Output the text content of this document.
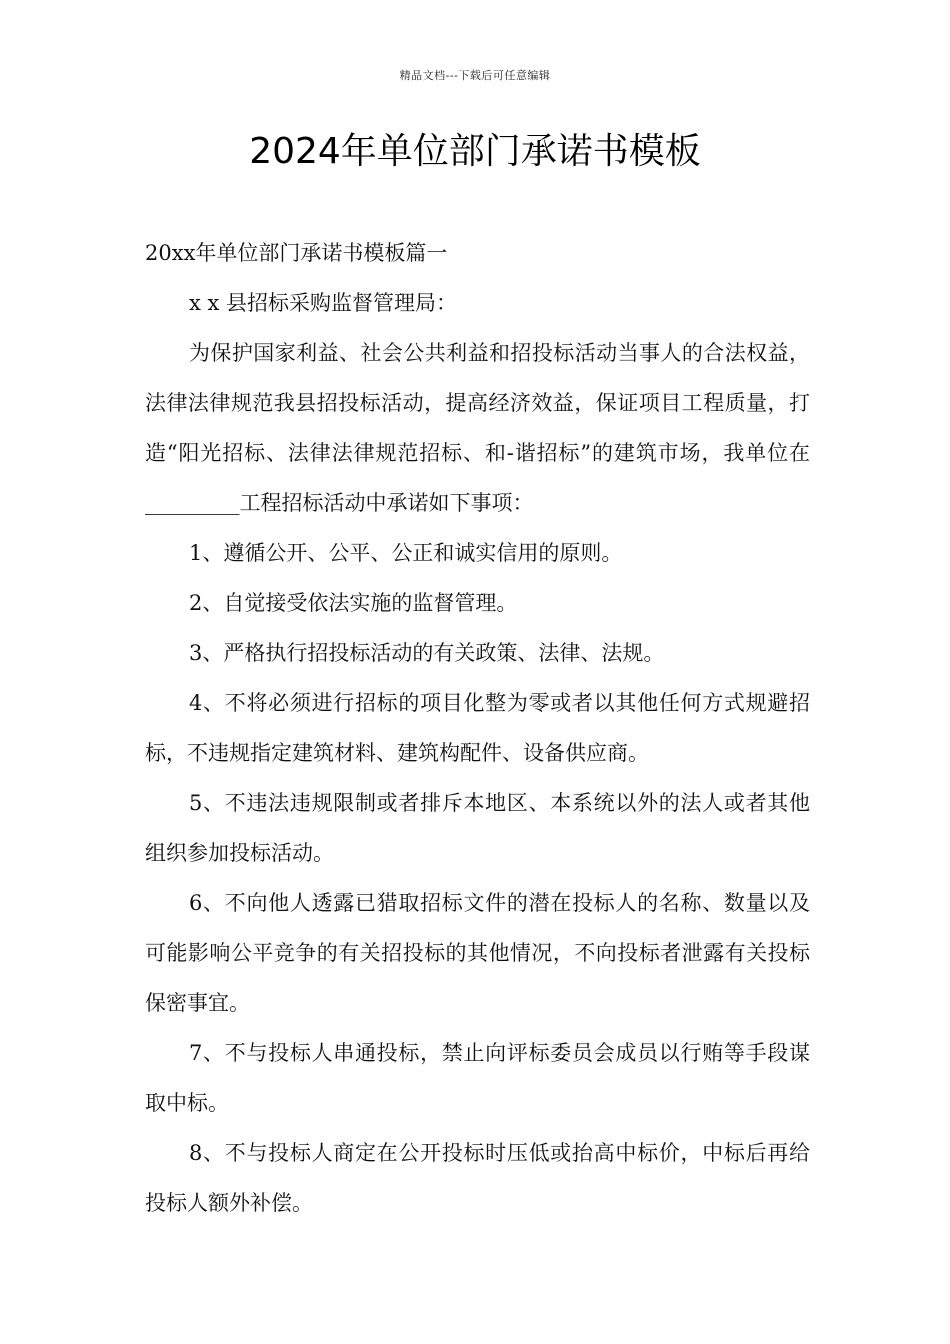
精品文档---下载后可任意编辑
2024年单位部门承诺书模板

20xx年单位部门承诺书模板篇一

x x 县招标采购监督管理局：

为保护国家利益、社会公共利益和招投标活动当事人的合法权益，法律法律规范我县招投标活动，提高经济效益，保证项目工程质量，打造“阳光招标、法律法律规范招标、和-谐招标”的建筑市场，我单位在_________工程招标活动中承诺如下事项：

1、遵循公开、公平、公正和诚实信用的原则。

2、自觉接受依法实施的监督管理。

3、严格执行招投标活动的有关政策、法律、法规。

4、不将必须进行招标的项目化整为零或者以其他任何方式规避招标，不违规指定建筑材料、建筑构配件、设备供应商。

5、不违法违规限制或者排斥本地区、本系统以外的法人或者其他组织参加投标活动。

6、不向他人透露已猎取招标文件的潜在投标人的名称、数量以及可能影响公平竞争的有关招投标的其他情况，不向投标者泄露有关投标保密事宜。

7、不与投标人串通投标，禁止向评标委员会成员以行贿等手段谋取中标。

8、不与投标人商定在公开投标时压低或抬高中标价，中标后再给投标人额外补偿。
